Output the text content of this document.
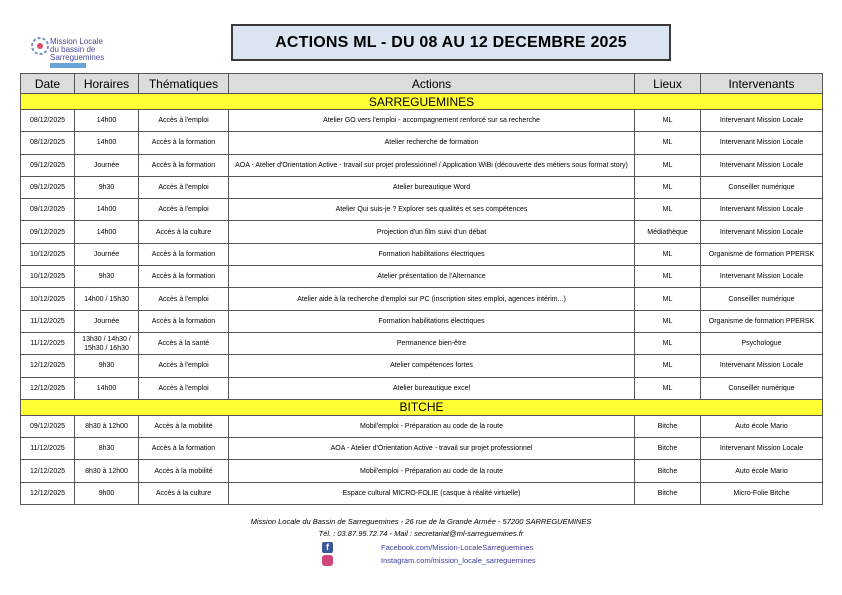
Mission Locale
du bassin de
Sarreguemines
ACTIONS ML - DU 08 AU 12 DECEMBRE 2025
Date	Horaires	Thématiques	Actions	Lieux	Intervenants
SARREGUEMINES					
08/12/2025	14h00	Accès à l'emploi	Atelier GO vers l'emploi - accompagnement renforcé sur sa recherche	ML	Intervenant Mission Locale
08/12/2025	14h00	Accès à la formation	Atelier recherche de formation	ML	Intervenant Mission Locale
09/12/2025	Journée	Accès à la formation	AOA - Atelier d'Orientation Active - travail sur projet professionnel / Application WiBi (découverte des métiers sous format story)	ML	Intervenant Mission Locale
09/12/2025	9h30	Accès à l'emploi	Atelier bureautique Word	ML	Conseiller numérique
09/12/2025	14h00	Accès à l'emploi	Atelier Qui suis-je ? Explorer ses qualités et ses compétences	ML	Intervenant Mission Locale
09/12/2025	14h00	Accès à la culture	Projection d'un film suivi d'un débat	Médiathèque	Intervenant Mission Locale
10/12/2025	Journée	Accès à la formation	Formation habilitations électriques	ML	Organisme de formation PPERSK
10/12/2025	9h30	Accès à la formation	Atelier présentation de l'Alternance	ML	Intervenant Mission Locale
10/12/2025	14h00 / 15h30	Accès à l'emploi	Atelier aide à la recherche d'emploi sur PC (inscription sites emploi, agences intérim...)	ML	Conseiller numérique
11/12/2025	Journée	Accès à la formation	Formation habilitations électriques	ML	Organisme de formation PPERSK
11/12/2025	13h30 / 14h30 / 15h30 / 16h30	Accès à la santé	Permanence bien-être	ML	Psychologue
12/12/2025	9h30	Accès à l'emploi	Atelier compétences fortes	ML	Intervenant Mission Locale
12/12/2025	14h00	Accès à l'emploi	Atelier bureautique excel	ML	Conseiller numérique
BITCHE					
09/12/2025	8h30 à 12h00	Accès à la mobilité	Mobil'emploi - Préparation au code de la route	Bitche	Auto école Mario
11/12/2025	8h30	Accès à la formation	AOA - Atelier d'Orientation Active - travail sur projet professionnel	Bitche	Intervenant Mission Locale
12/12/2025	8h30 à 12h00	Accès à la mobilité	Mobil'emploi - Préparation au code de la route	Bitche	Auto école Mario
12/12/2025	9h00	Accès à la culture	Espace cultural MICRO-FOLIE (casque à réalité virtuelle)	Bitche	Micro-Folie Bitche
Mission Locale du Bassin de Sarreguemines - 26 rue de la Grande Armée - 57200 SARREGUEMINES
Tél. : 03.87.95.72.74 - Mail : secretariat@ml-sarreguemines.fr
f	Facebook.com/Mission-LocaleSarreguemines
Instagram.com/mission_locale_sarreguemines
